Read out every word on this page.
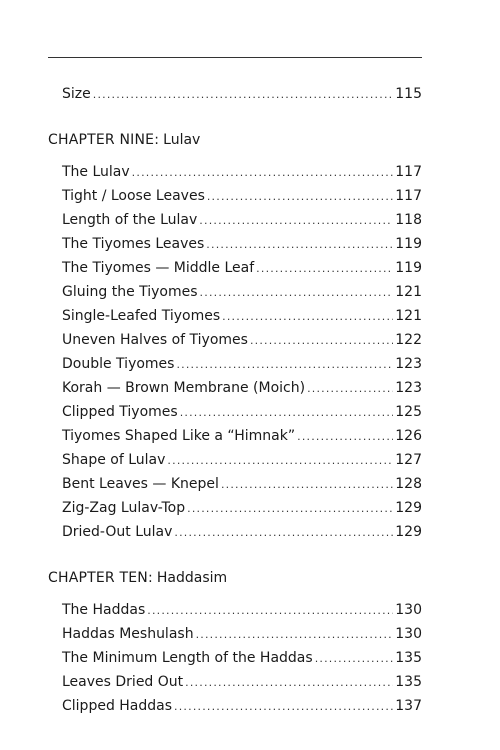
Size .....	115
CHAPTER NINE: Lulav
The Lulav .....	117
Tight / Loose Leaves .....	117
Length of the Lulav .....	118
The Tiyomes Leaves .....	119
The Tiyomes — Middle Leaf .....	119
Gluing the Tiyomes .....	121
Single-Leafed Tiyomes .....	121
Uneven Halves of Tiyomes .....	122
Double Tiyomes .....	123
Korah — Brown Membrane (Moich) .....	123
Clipped Tiyomes .....	125
Tiyomes Shaped Like a “Himnak” .....	126
Shape of Lulav .....	127
Bent Leaves — Knepel .....	128
Zig-Zag Lulav-Top .....	129
Dried-Out Lulav .....	129
CHAPTER TEN: Haddasim
The Haddas .....	130
Haddas Meshulash .....	130
The Minimum Length of the Haddas .....	135
Leaves Dried Out .....	135
Clipped Haddas .....	137
